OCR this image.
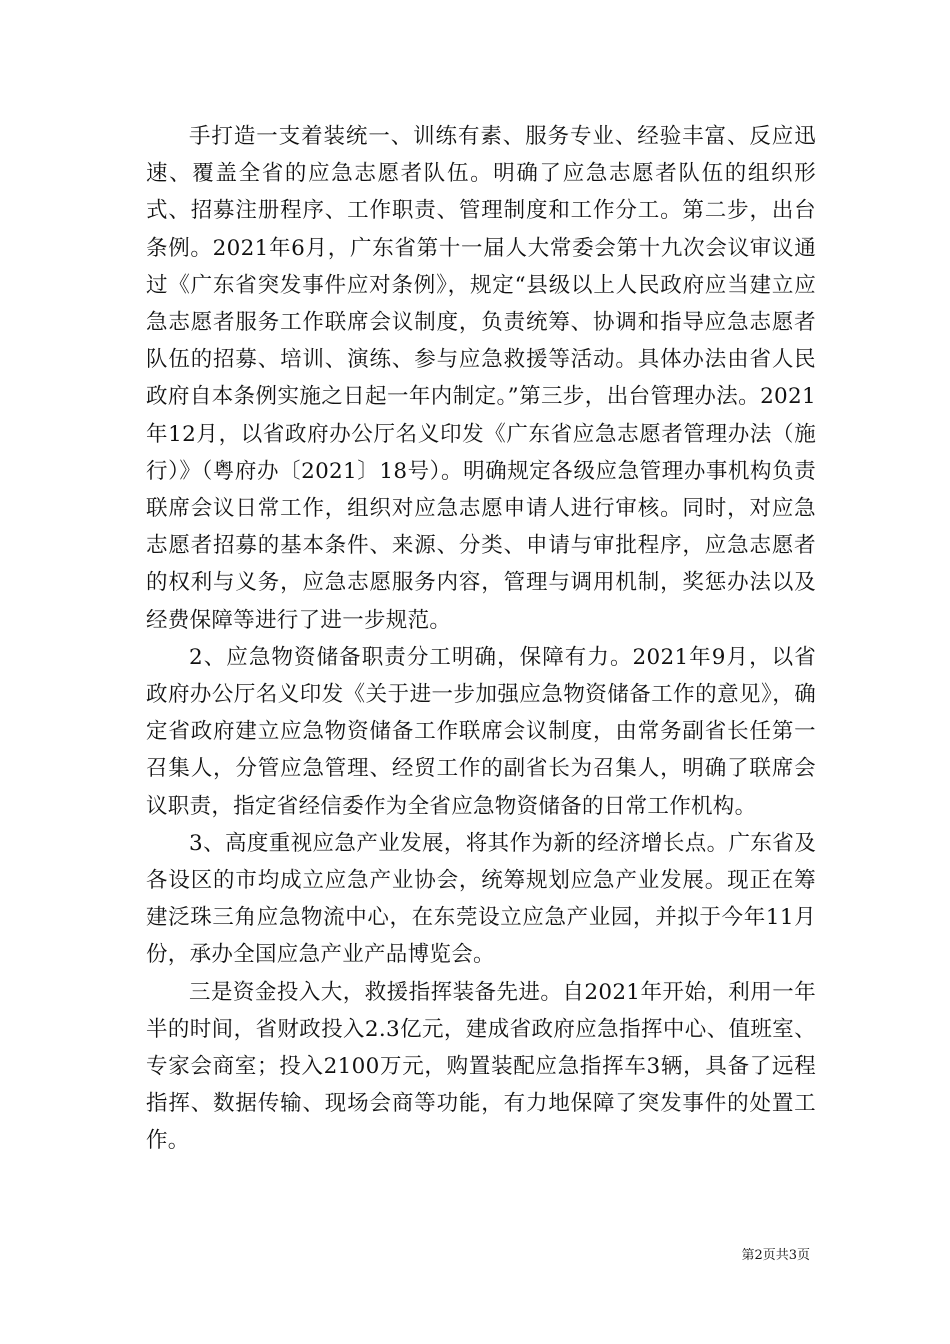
手打造一支着装统一、训练有素、服务专业、经验丰富、反应迅速、覆盖全省的应急志愿者队伍。明确了应急志愿者队伍的组织形式、招募注册程序、工作职责、管理制度和工作分工。第二步，出台条例。2021年6月，广东省第十一届人大常委会第十九次会议审议通过《广东省突发事件应对条例》，规定“县级以上人民政府应当建立应急志愿者服务工作联席会议制度，负责统筹、协调和指导应急志愿者队伍的招募、培训、演练、参与应急救援等活动。具体办法由省人民政府自本条例实施之日起一年内制定。”第三步，出台管理办法。2021年12月，以省政府办公厅名义印发《广东省应急志愿者管理办法（施行）》（粤府办〔2021〕18号）。明确规定各级应急管理办事机构负责联席会议日常工作，组织对应急志愿申请人进行审核。同时，对应急志愿者招募的基本条件、来源、分类、申请与审批程序，应急志愿者的权利与义务，应急志愿服务内容，管理与调用机制，奖惩办法以及经费保障等进行了进一步规范。

2、应急物资储备职责分工明确，保障有力。2021年9月，以省政府办公厅名义印发《关于进一步加强应急物资储备工作的意见》，确定省政府建立应急物资储备工作联席会议制度，由常务副省长任第一召集人，分管应急管理、经贸工作的副省长为召集人，明确了联席会议职责，指定省经信委作为全省应急物资储备的日常工作机构。

3、高度重视应急产业发展，将其作为新的经济增长点。广东省及各设区的市均成立应急产业协会，统筹规划应急产业发展。现正在筹建泛珠三角应急物流中心，在东莞设立应急产业园，并拟于今年11月份，承办全国应急产业产品博览会。

三是资金投入大，救援指挥装备先进。自2021年开始，利用一年半的时间，省财政投入2.3亿元，建成省政府应急指挥中心、值班室、专家会商室；投入2100万元，购置装配应急指挥车3辆，具备了远程指挥、数据传输、现场会商等功能，有力地保障了突发事件的处置工作。

第2页共3页
